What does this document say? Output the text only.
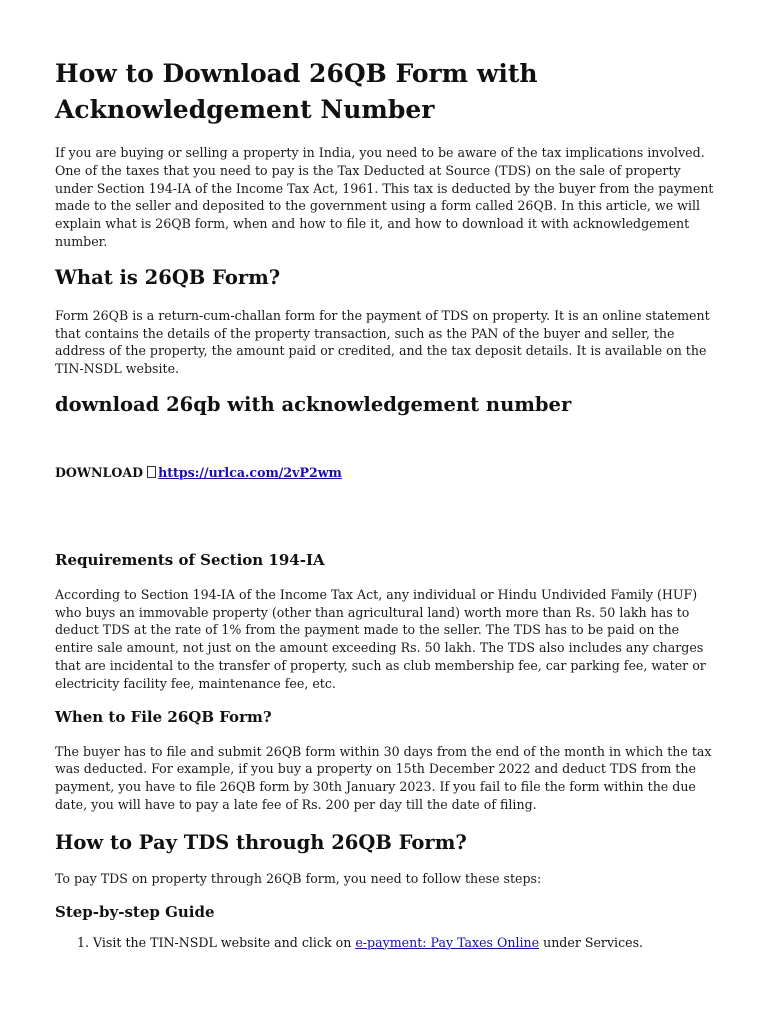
How to Download 26QB Form with Acknowledgement Number

If you are buying or selling a property in India, you need to be aware of the tax implications involved. One of the taxes that you need to pay is the Tax Deducted at Source (TDS) on the sale of property under Section 194-IA of the Income Tax Act, 1961. This tax is deducted by the buyer from the payment made to the seller and deposited to the government using a form called 26QB. In this article, we will explain what is 26QB form, when and how to file it, and how to download it with acknowledgement number.

What is 26QB Form?

Form 26QB is a return-cum-challan form for the payment of TDS on property. It is an online statement that contains the details of the property transaction, such as the PAN of the buyer and seller, the address of the property, the amount paid or credited, and the tax deposit details. It is available on the TIN-NSDL website.

download 26qb with acknowledgement number
DOWNLOAD https://urlca.com/2vP2wm
Requirements of Section 194-IA

According to Section 194-IA of the Income Tax Act, any individual or Hindu Undivided Family (HUF) who buys an immovable property (other than agricultural land) worth more than Rs. 50 lakh has to deduct TDS at the rate of 1% from the payment made to the seller. The TDS has to be paid on the entire sale amount, not just on the amount exceeding Rs. 50 lakh. The TDS also includes any charges that are incidental to the transfer of property, such as club membership fee, car parking fee, water or electricity facility fee, maintenance fee, etc.

When to File 26QB Form?

The buyer has to file and submit 26QB form within 30 days from the end of the month in which the tax was deducted. For example, if you buy a property on 15th December 2022 and deduct TDS from the payment, you have to file 26QB form by 30th January 2023. If you fail to file the form within the due date, you will have to pay a late fee of Rs. 200 per day till the date of filing.

How to Pay TDS through 26QB Form?

To pay TDS on property through 26QB form, you need to follow these steps:

Step-by-step Guide
1. Visit the TIN-NSDL website and click on e-payment: Pay Taxes Online under Services.
